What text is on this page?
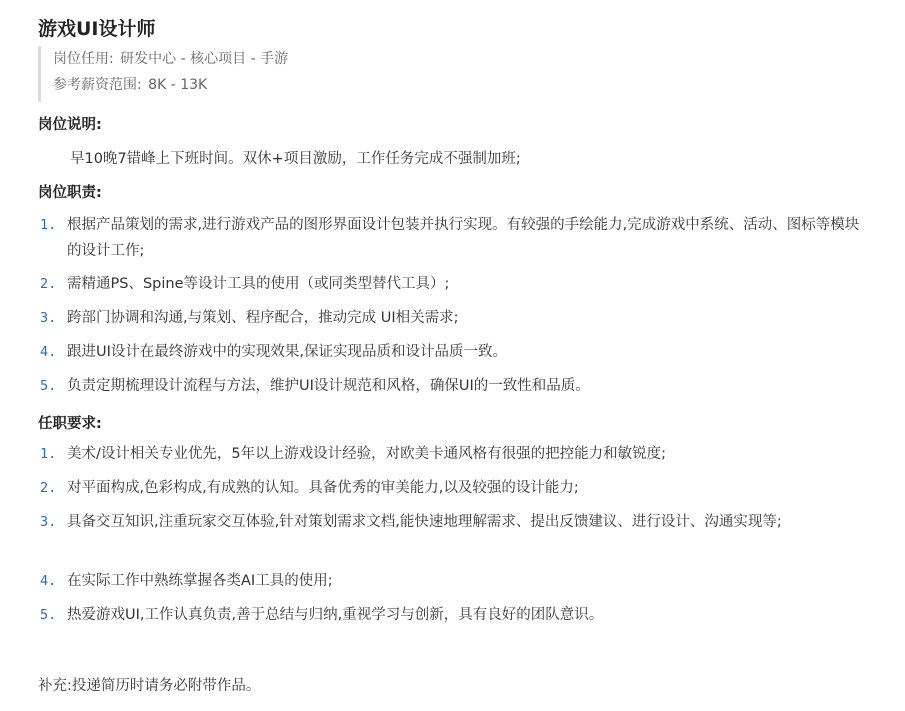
游戏UI设计师
岗位任用: 研发中心 - 核心项目 - 手游
参考薪资范围: 8K - 13K
岗位说明:
早10晚7错峰上下班时间。双休+项目激励，工作任务完成不强制加班;
岗位职责:
1. 根据产品策划的需求,进行游戏产品的图形界面设计包装并执行实现。有较强的手绘能力,完成游戏中系统、活动、图标等模块的设计工作;
2. 需精通PS、Spine等设计工具的使用（或同类型替代工具）;
3. 跨部门协调和沟通,与策划、程序配合，推动完成 UI相关需求;
4. 跟进UI设计在最终游戏中的实现效果,保证实现品质和设计品质一致。
5. 负责定期梳理设计流程与方法，维护UI设计规范和风格，确保UI的一致性和品质。
任职要求:
1. 美术/设计相关专业优先，5年以上游戏设计经验，对欧美卡通风格有很强的把控能力和敏锐度;
2. 对平面构成,色彩构成,有成熟的认知。具备优秀的审美能力,以及较强的设计能力;
3. 具备交互知识,注重玩家交互体验,针对策划需求文档,能快速地理解需求、提出反馈建议、进行设计、沟通实现等;
4. 在实际工作中熟练掌握各类AI工具的使用;
5. 热爱游戏UI,工作认真负责,善于总结与归纳,重视学习与创新，具有良好的团队意识。
补充:投递简历时请务必附带作品。
